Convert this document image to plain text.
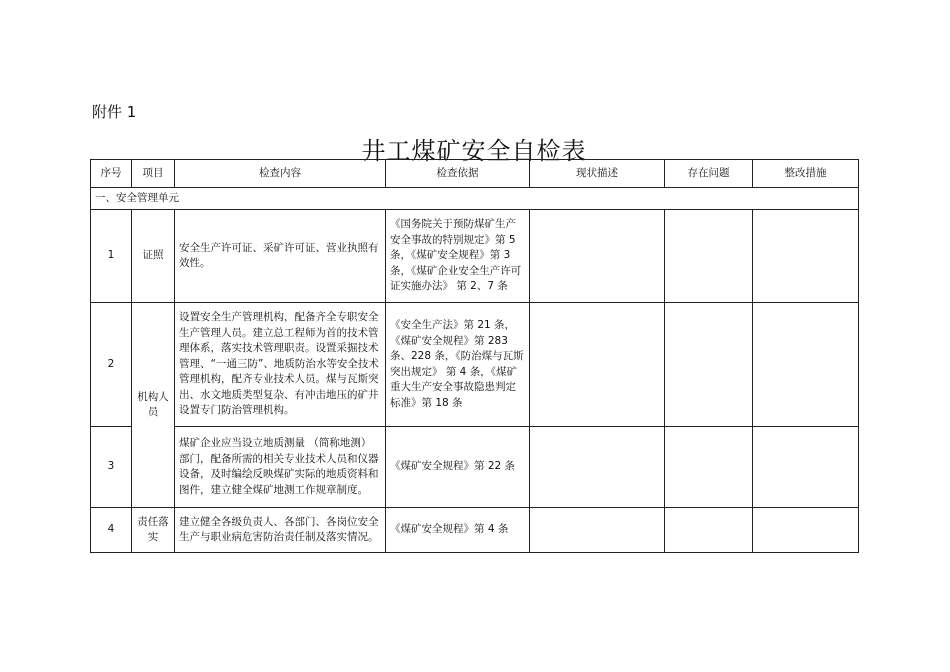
附件 1
井工煤矿安全自检表
序号	项目	检查内容	检查依据	现状描述	存在问题	整改措施
一、安全管理单元						
1	证照	安全生产许可证、采矿许可证、营业执照有效性。	《国务院关于预防煤矿生产安全事故的特别规定》第 5 条，《煤矿安全规程》第 3 条，《煤矿企业安全生产许可证实施办法》 第 2、7 条			
2	机构人员	设置安全生产管理机构，配备齐全专职安全生产管理人员。建立总工程师为首的技术管理体系，落实技术管理职责。设置采掘技术管理、“一通三防”、地质防治水等安全技术管理机构，配齐专业技术人员。煤与瓦斯突出、水文地质类型复杂、有冲击地压的矿井设置专门防治管理机构。	《安全生产法》第 21 条，《煤矿安全规程》第 283 条、228 条，《防治煤与瓦斯突出规定》 第 4 条，《煤矿重大生产安全事故隐患判定标准》第 18 条			
3		煤矿企业应当设立地质测量 （简称地测）部门，配备所需的相关专业技术人员和仪器设备，及时编绘反映煤矿实际的地质资料和图件，建立健全煤矿地测工作规章制度。	《煤矿安全规程》第 22 条			
4	责任落实	建立健全各级负责人、各部门、各岗位安全生产与职业病危害防治责任制及落实情况。	《煤矿安全规程》第 4 条			
